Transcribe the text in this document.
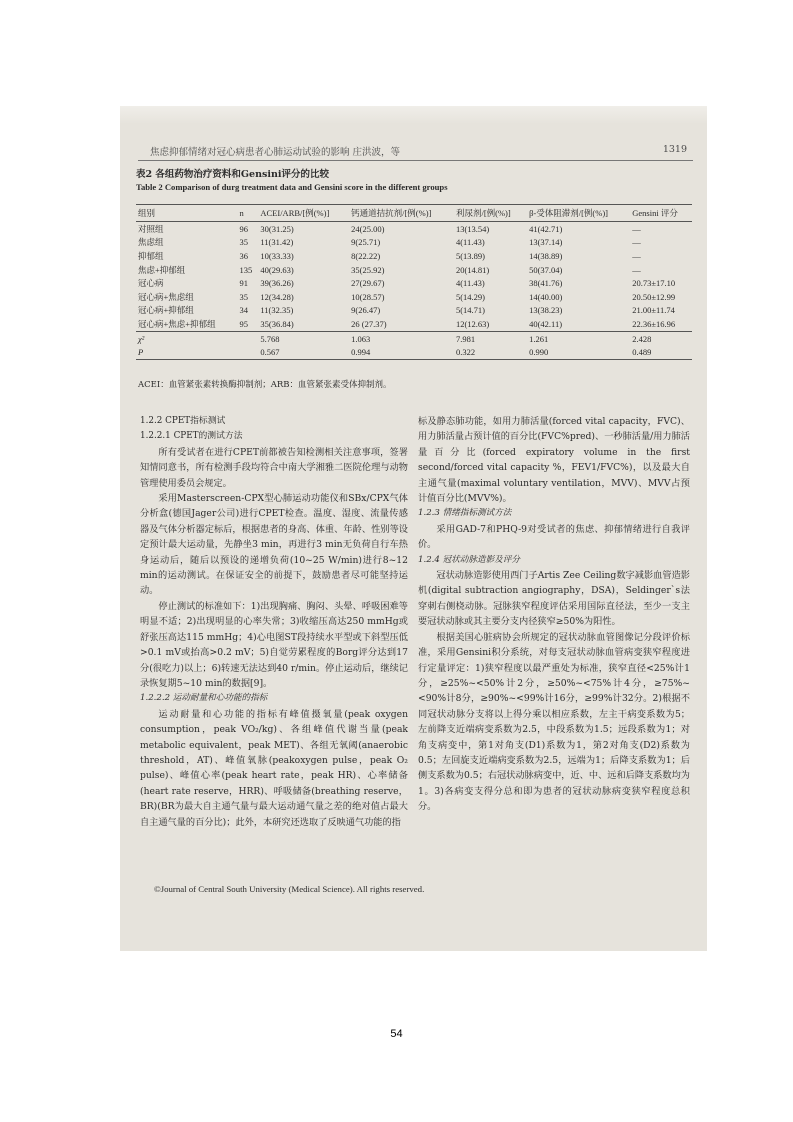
焦虑抑郁情绪对冠心病患者心肺运动试验的影响 庄洪波，等	1319
表2 各组药物治疗资料和Gensini评分的比较
Table 2 Comparison of durg treatment data and Gensini score in the different groups
组别	n	ACEI/ARB/[例(%)]	钙通道拮抗剂/[例(%)]	利尿剂/[例(%)]	β-受体阻滞剂/[例(%)]	Gensini 评分
对照组	96	30(31.25)	24(25.00)	13(13.54)	41(42.71)	—
焦虑组	35	11(31.42)	9(25.71)	4(11.43)	13(37.14)	—
抑郁组	36	10(33.33)	8(22.22)	5(13.89)	14(38.89)	—
焦虑+抑郁组	135	40(29.63)	35(25.92)	20(14.81)	50(37.04)	—
冠心病	91	39(36.26)	27(29.67)	4(11.43)	38(41.76)	20.73±17.10
冠心病+焦虑组	35	12(34.28)	10(28.57)	5(14.29)	14(40.00)	20.50±12.99
冠心病+抑郁组	34	11(32.35)	9(26.47)	5(14.71)	13(38.23)	21.00±11.74
冠心病+焦虑+抑郁组	95	35(36.84)	26 (27.37)	12(12.63)	40(42.11)	22.36±16.96
χ²		5.768	1.063	7.981	1.261	2.428
P		0.567	0.994	0.322	0.990	0.489
ACEI：血管紧张素转换酶抑制剂；ARB：血管紧张素受体抑制剂。

1.2.2 CPET指标测试

1.2.2.1 CPET的测试方法

所有受试者在进行CPET前都被告知检测相关注意事项，签署知情同意书，所有检测手段均符合中南大学湘雅二医院伦理与动物管理使用委员会规定。

采用Masterscreen-CPX型心肺运动功能仪和SBx/CPX气体分析盒(德国Jager公司)进行CPET检查。温度、湿度、流量传感器及气体分析器定标后，根据患者的身高、体重、年龄、性别等设定预计最大运动量，先静坐3 min，再进行3 min无负荷自行车热身运动后，随后以预设的递增负荷(10~25 W/min)进行8~12 min的运动测试。在保证安全的前提下，鼓励患者尽可能坚持运动。

停止测试的标准如下：1)出现胸痛、胸闷、头晕、呼吸困难等明显不适；2)出现明显的心率失常；3)收缩压高达250 mmHg或舒张压高达115 mmHg；4)心电图ST段持续水平型或下斜型压低>0.1 mV或抬高>0.2 mV；5)自觉劳累程度的Borg评分达到17分(很吃力)以上；6)转速无法达到40 r/min。停止运动后，继续记录恢复期5~10 min的数据[9]。

1.2.2.2 运动耐量和心功能的指标

运动耐量和心功能的指标有峰值摄氧量(peak oxygen consumption，peak VO₂/kg)、各组峰值代谢当量(peak metabolic equivalent，peak MET)、各组无氧阈(anaerobic threshold，AT)、峰值氧脉(peakoxygen pulse，peak O₂ pulse)、峰值心率(peak heart rate，peak HR)、心率储备(heart rate reserve，HRR)、呼吸储备(breathing reserve，BR)(BR为最大自主通气量与最大运动通气量之差的绝对值占最大自主通气量的百分比)；此外，本研究还选取了反映通气功能的指

标及静态肺功能，如用力肺活量(forced vital capacity，FVC)、用力肺活量占预计值的百分比(FVC%pred)、一秒肺活量/用力肺活量百分比(forced expiratory volume in the first second/forced vital capacity %，FEV1/FVC%)，以及最大自主通气量(maximal voluntary ventilation，MVV)、MVV占预计值百分比(MVV%)。

1.2.3 情绪指标测试方法

采用GAD-7和PHQ-9对受试者的焦虑、抑郁情绪进行自我评价。

1.2.4 冠状动脉造影及评分

冠状动脉造影使用西门子Artis Zee Ceiling数字减影血管造影机(digital subtraction angiography，DSA)，Seldinger`s法穿刺右侧桡动脉。冠脉狭窄程度评估采用国际直径法，至少一支主要冠状动脉或其主要分支内径狭窄≥50%为阳性。

根据美国心脏病协会所规定的冠状动脉血管图像记分段评价标准，采用Gensini积分系统，对每支冠状动脉血管病变狭窄程度进行定量评定：1)狭窄程度以最严重处为标准，狭窄直径<25%计1分，≥25%~<50%计2分，≥50%~<75%计4分，≥75%~<90%计8分，≥90%~<99%计16分，≥99%计32分。2)根据不同冠状动脉分支将以上得分乘以相应系数，左主干病变系数为5；左前降支近端病变系数为2.5，中段系数为1.5；远段系数为1；对角支病变中，第1对角支(D1)系数为1，第2对角支(D2)系数为0.5；左回旋支近端病变系数为2.5，远端为1；后降支系数为1；后侧支系数为0.5；右冠状动脉病变中，近、中、远和后降支系数均为1。3)各病变支得分总和即为患者的冠状动脉病变狭窄程度总积分。

©Journal of Central South University (Medical Science). All rights reserved.
54
